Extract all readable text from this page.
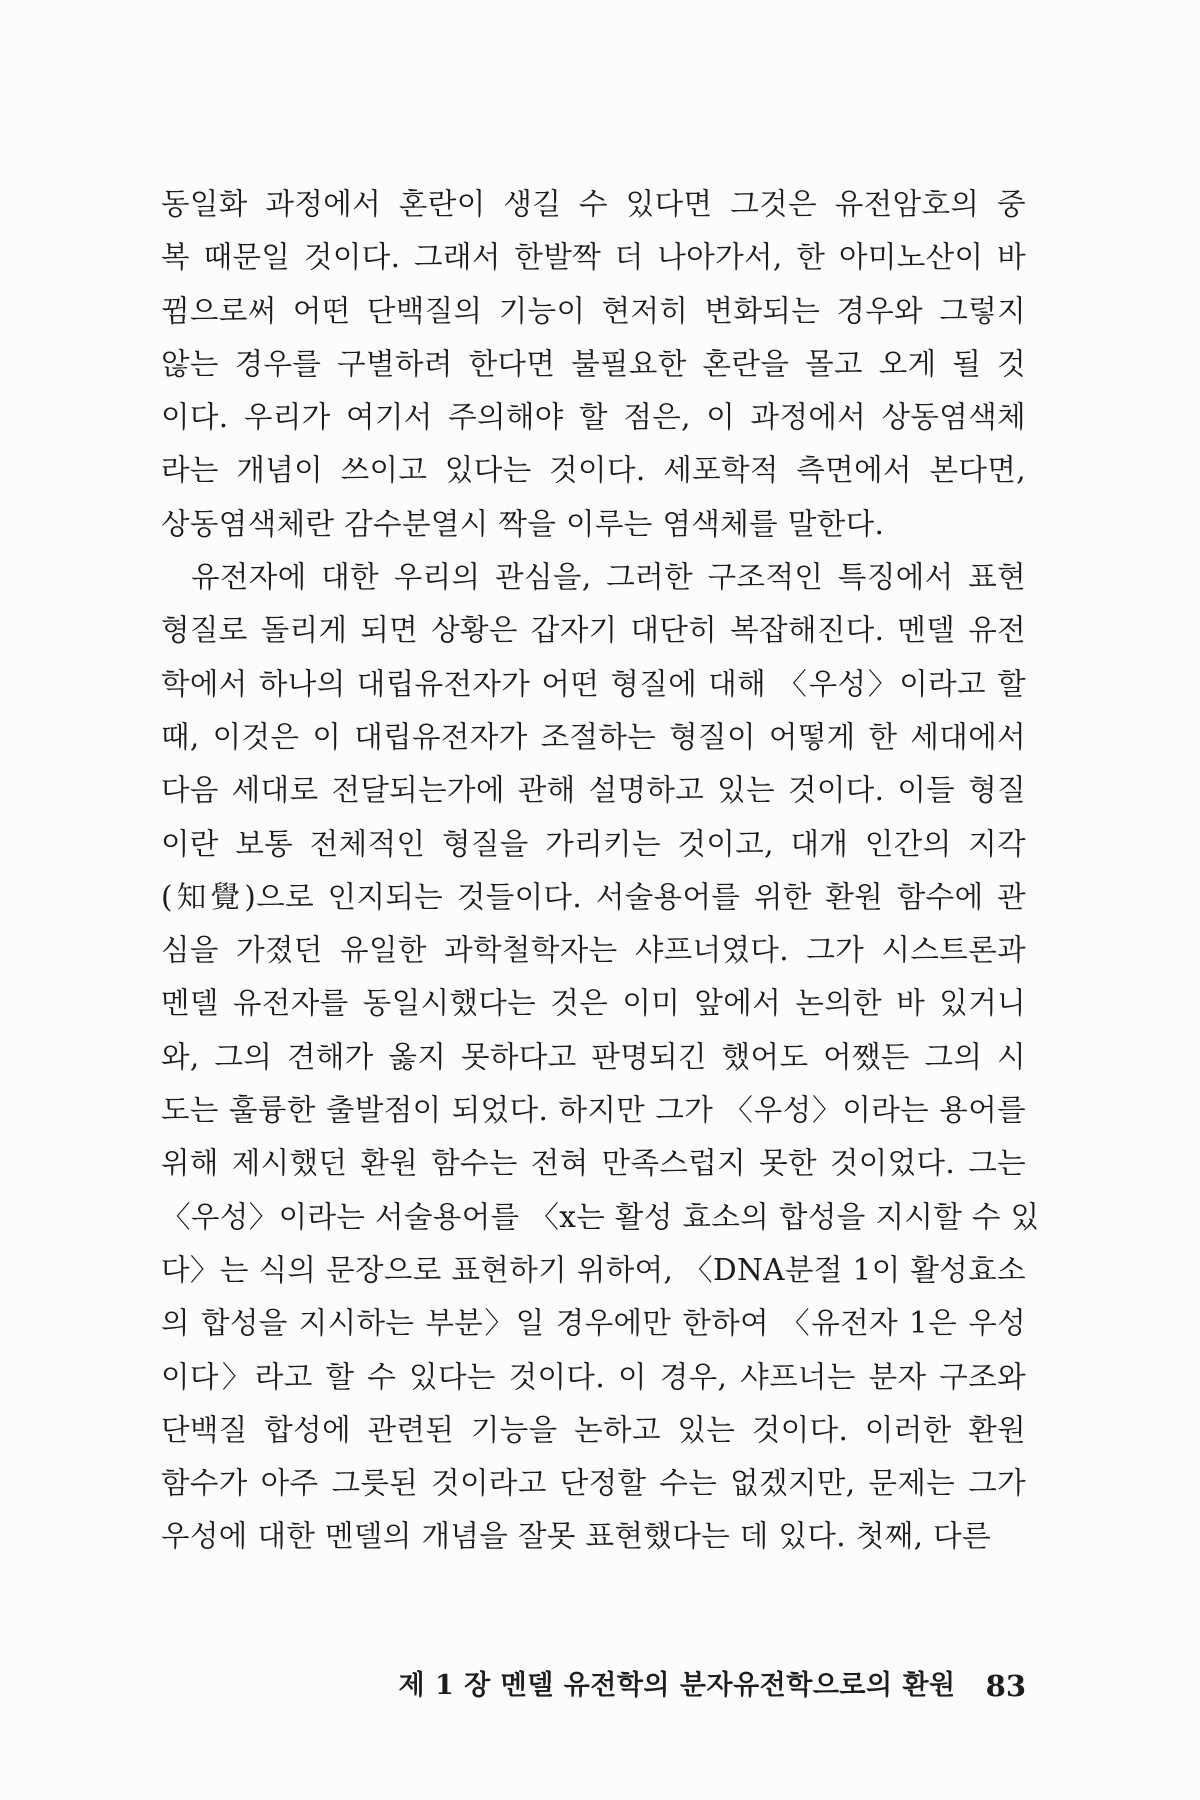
동일화 과정에서 혼란이 생길 수 있다면 그것은 유전암호의 중
복 때문일 것이다. 그래서 한발짝 더 나아가서, 한 아미노산이 바
뀜으로써 어떤 단백질의 기능이 현저히 변화되는 경우와 그렇지
않는 경우를 구별하려 한다면 불필요한 혼란을 몰고 오게 될 것
이다. 우리가 여기서 주의해야 할 점은, 이 과정에서 상동염색체
라는 개념이 쓰이고 있다는 것이다. 세포학적 측면에서 본다면,
상동염색체란 감수분열시 짝을 이루는 염색체를 말한다.
유전자에 대한 우리의 관심을, 그러한 구조적인 특징에서 표현
형질로 돌리게 되면 상황은 갑자기 대단히 복잡해진다. 멘델 유전
학에서 하나의 대립유전자가 어떤 형질에 대해 〈우성〉이라고 할
때, 이것은 이 대립유전자가 조절하는 형질이 어떻게 한 세대에서
다음 세대로 전달되는가에 관해 설명하고 있는 것이다. 이들 형질
이란 보통 전체적인 형질을 가리키는 것이고, 대개 인간의 지각
(知覺)으로 인지되는 것들이다. 서술용어를 위한 환원 함수에 관
심을 가졌던 유일한 과학철학자는 샤프너였다. 그가 시스트론과
멘델 유전자를 동일시했다는 것은 이미 앞에서 논의한 바 있거니
와, 그의 견해가 옳지 못하다고 판명되긴 했어도 어쨌든 그의 시
도는 훌륭한 출발점이 되었다. 하지만 그가 〈우성〉이라는 용어를
위해 제시했던 환원 함수는 전혀 만족스럽지 못한 것이었다. 그는
〈우성〉이라는 서술용어를 〈x는 활성 효소의 합성을 지시할 수 있
다〉는 식의 문장으로 표현하기 위하여, 〈DNA분절 1이 활성효소
의 합성을 지시하는 부분〉일 경우에만 한하여 〈유전자 1은 우성
이다〉라고 할 수 있다는 것이다. 이 경우, 샤프너는 분자 구조와
단백질 합성에 관련된 기능을 논하고 있는 것이다. 이러한 환원
함수가 아주 그릇된 것이라고 단정할 수는 없겠지만, 문제는 그가
우성에 대한 멘델의 개념을 잘못 표현했다는 데 있다. 첫째, 다른
제 1 장 멘델 유전학의 분자유전학으로의 환원 83
